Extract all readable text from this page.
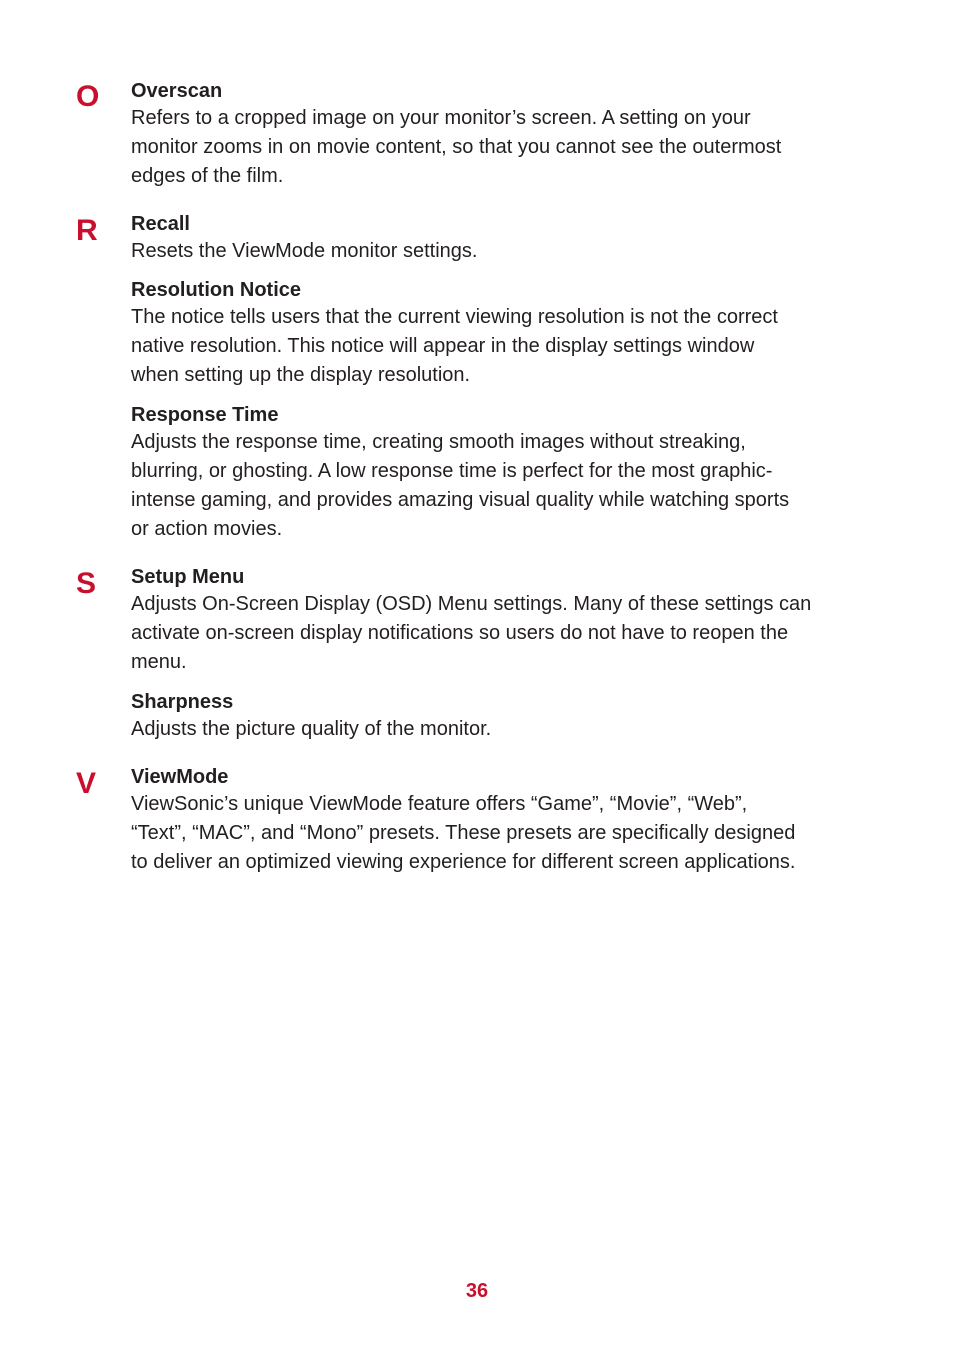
O Overscan

Refers to a cropped image on your monitor’s screen. A setting on your
monitor zooms in on movie content, so that you cannot see the outermost
edges of the film.

R Recall

Resets the ViewMode monitor settings.

Resolution Notice

The notice tells users that the current viewing resolution is not the correct
native resolution. This notice will appear in the display settings window
when setting up the display resolution.

Response Time

Adjusts the response time, creating smooth images without streaking,
blurring, or ghosting. A low response time is perfect for the most graphic-
intense gaming, and provides amazing visual quality while watching sports
or action movies.

S Setup Menu

Adjusts On-Screen Display (OSD) Menu settings. Many of these settings can
activate on-screen display notifications so users do not have to reopen the
menu.

Sharpness

Adjusts the picture quality of the monitor.

V ViewMode

ViewSonic’s unique ViewMode feature offers “Game”, “Movie”, “Web”,
“Text”, “MAC”, and “Mono” presets. These presets are specifically designed
to deliver an optimized viewing experience for different screen applications.

36
